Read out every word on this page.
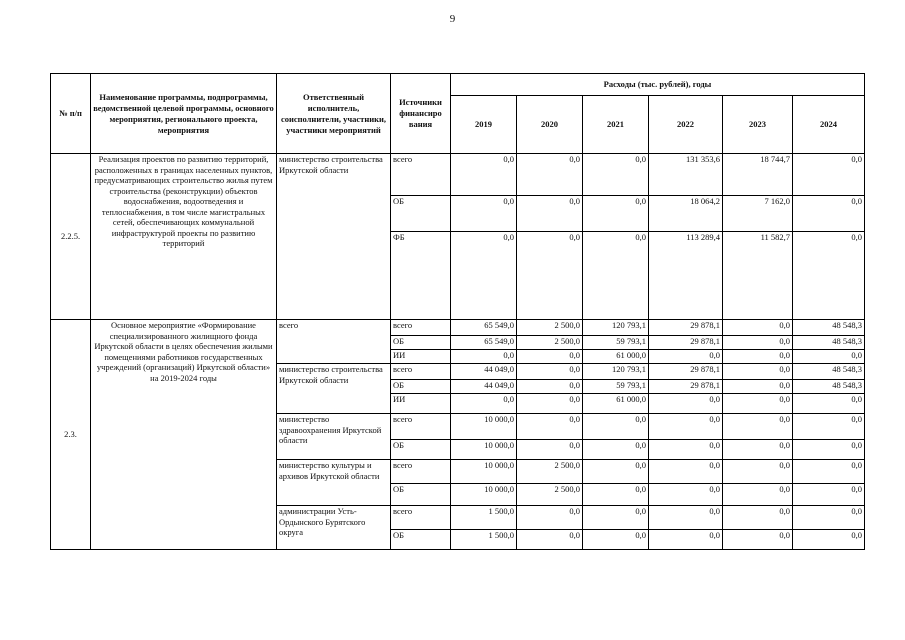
9
№ п/п	Наименование программы, подпрограммы, ведомственной целевой программы, основного мероприятия, регионального проекта, мероприятия	Ответственный исполнитель, соисполнители, участники, участники мероприятий	Источники финансиро вания	Расходы (тыс. рублей), годы					
				2019	2020	2021	2022	2023	2024
2.2.5.	Реализация проектов по развитию территорий, расположенных в границах населенных пунктов, предусматривающих строительство жилья путем строительства (реконструкции) объектов водоснабжения, водоотведения и теплоснабжения, в том числе магистральных сетей, обеспечивающих коммунальной инфраструктурой проекты по развитию территорий	министерство строительства Иркутской области	всего	0,0	0,0	0,0	131 353,6	18 744,7	0,0
			ОБ	0,0	0,0	0,0	18 064,2	7 162,0	0,0
			ФБ	0,0	0,0	0,0	113 289,4	11 582,7	0,0
2.3.	Основное мероприятие «Формирование специализированного жилищного фонда Иркутской области в целях обеспечения жилыми помещениями работников государственных учреждений (организаций) Иркутской области» на 2019-2024 годы	всего	всего	65 549,0	2 500,0	120 793,1	29 878,1	0,0	48 548,3
			ОБ	65 549,0	2 500,0	59 793,1	29 878,1	0,0	48 548,3
			ИИ	0,0	0,0	61 000,0	0,0	0,0	0,0
		министерство строительства Иркутской области	всего	44 049,0	0,0	120 793,1	29 878,1	0,0	48 548,3
			ОБ	44 049,0	0,0	59 793,1	29 878,1	0,0	48 548,3
			ИИ	0,0	0,0	61 000,0	0,0	0,0	0,0
		министерство здравоохранения Иркутской области	всего	10 000,0	0,0	0,0	0,0	0,0	0,0
			ОБ	10 000,0	0,0	0,0	0,0	0,0	0,0
		министерство культуры и архивов Иркутской области	всего	10 000,0	2 500,0	0,0	0,0	0,0	0,0
			ОБ	10 000,0	2 500,0	0,0	0,0	0,0	0,0
		администрации Усть-Ордынского Бурятского округа	всего	1 500,0	0,0	0,0	0,0	0,0	0,0
			ОБ	1 500,0	0,0	0,0	0,0	0,0	0,0
